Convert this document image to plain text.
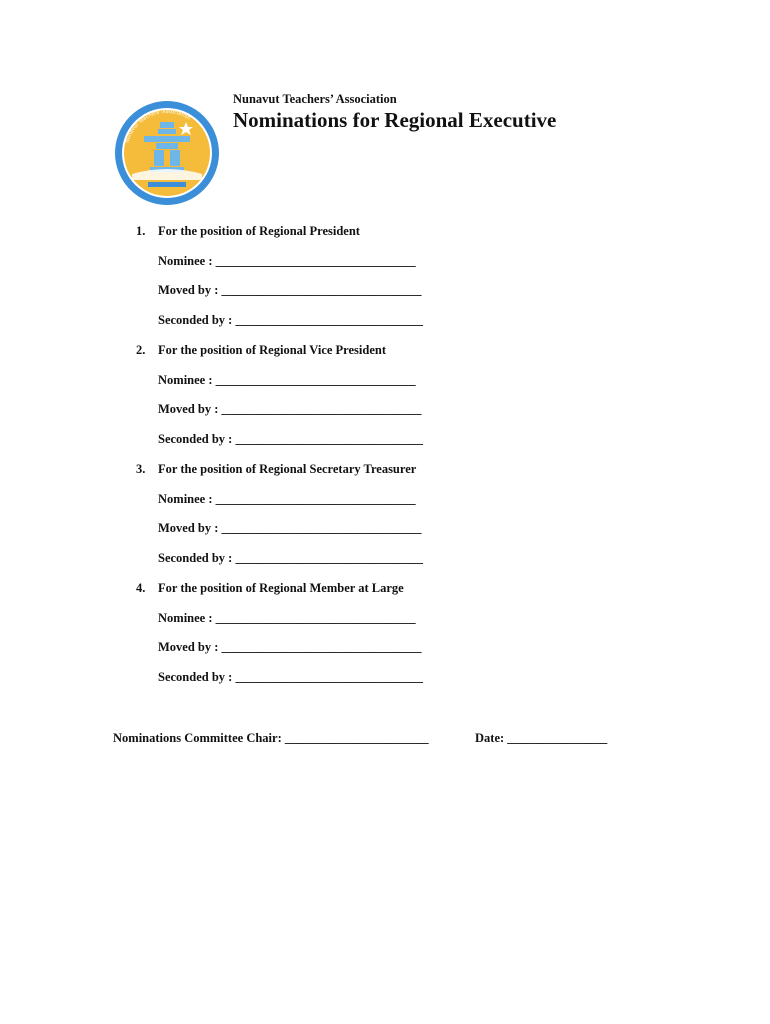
Nunavut Teachers' Association
Nunavut Teachers’ Association
Nominations for Regional Executive
1. For the position of Regional President
Nominee : ________________________________
Moved by : ________________________________
Seconded by : ______________________________
2. For the position of Regional Vice President
Nominee : ________________________________
Moved by : ________________________________
Seconded by : ______________________________
3. For the position of Regional Secretary Treasurer
Nominee : ________________________________
Moved by : ________________________________
Seconded by : ______________________________
4. For the position of Regional Member at Large
Nominee : ________________________________
Moved by : ________________________________
Seconded by : ______________________________
Nominations Committee Chair: _______________________	Date: ________________
